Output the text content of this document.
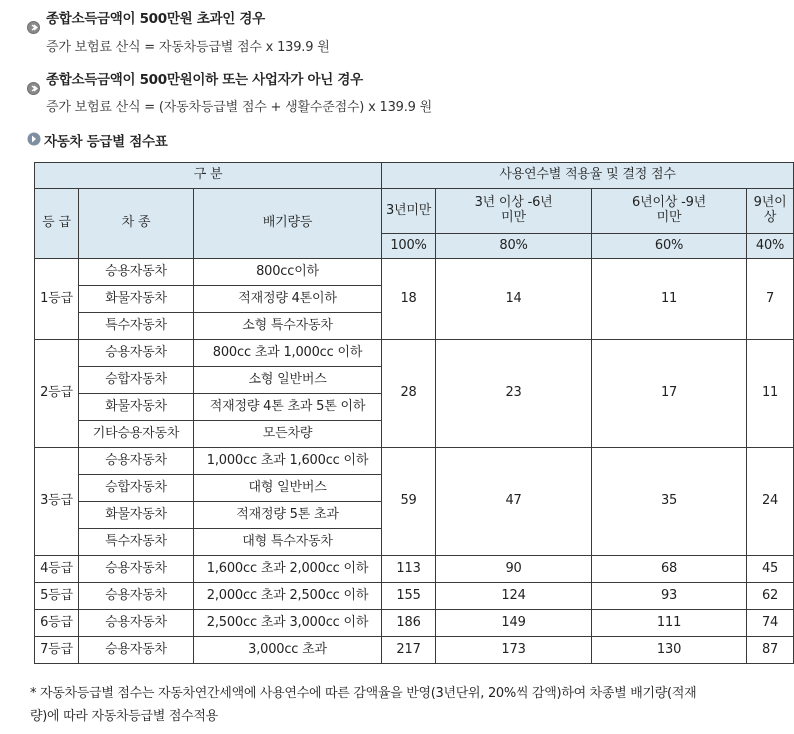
종합소득금액이 500만원 초과인 경우
증가 보험료 산식 = 자동차등급별 점수 x 139.9 원
종합소득금액이 500만원이하 또는 사업자가 아닌 경우
증가 보험료 산식 = (자동차등급별 점수 + 생활수준점수) x 139.9 원
자동차 등급별 점수표
구 분			사용연수별 적용율 및 결정 점수			
등 급	차 종	배기량등	3년미만	3년 이상 -6년 미만	6년이상 -9년미만	9년이상
			100%	80%	60%	40%
1등급	승용자동차	800cc이하	18	14	11	7
	화물자동차	적재정량 4톤이하				
	특수자동차	소형 특수자동차				
2등급	승용자동차	800cc 초과 1,000cc 이하	28	23	17	11
	승합자동차	소형 일반버스				
	화물자동차	적재정량 4톤 초과 5톤 이하				
	기타승용자동차	모든차량				
3등급	승용자동차	1,000cc 초과 1,600cc 이하	59	47	35	24
	승합자동차	대형 일반버스				
	화물자동차	적재정량 5톤 초과				
	특수자동차	대형 특수자동차				
4등급	승용자동차	1,600cc 초과 2,000cc 이하	113	90	68	45
5등급	승용자동차	2,000cc 초과 2,500cc 이하	155	124	93	62
6등급	승용자동차	2,500cc 초과 3,000cc 이하	186	149	111	74
7등급	승용자동차	3,000cc 초과	217	173	130	87
* 자동차등급별 점수는 자동차연간세액에 사용연수에 따른 감액율을 반영(3년단위, 20%씩 감액)하여 차종별 배기량(적재량)에 따라 자동차등급별 점수적용
